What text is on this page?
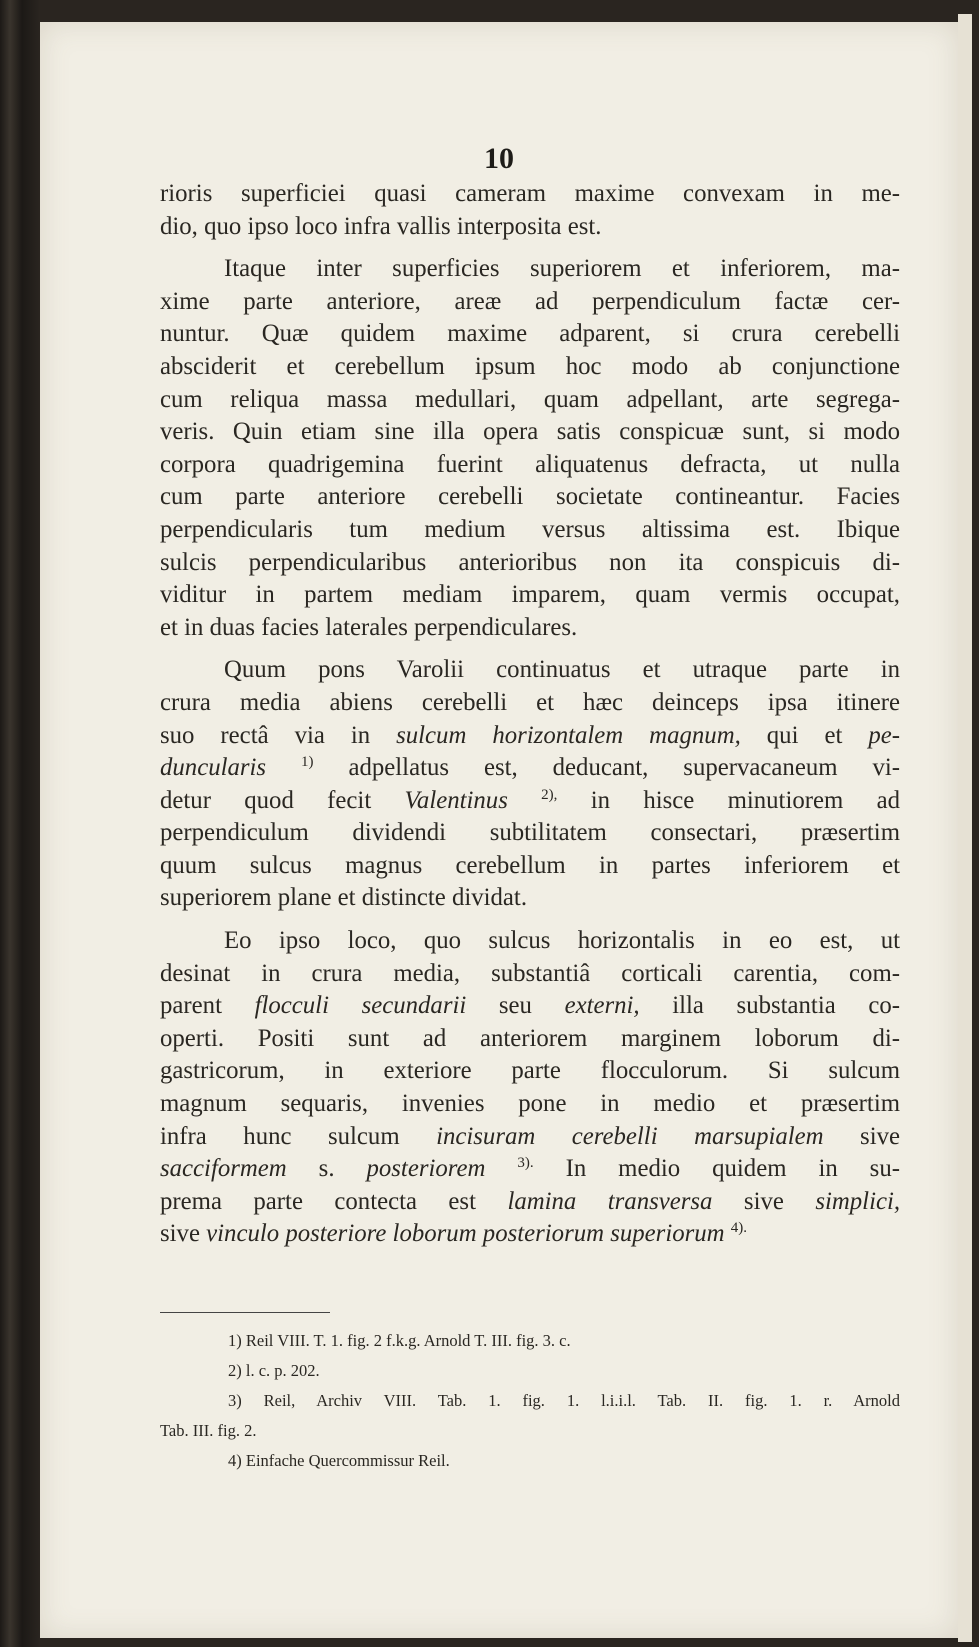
10
rioris superficiei quasi cameram maxime convexam in me-
dio, quo ipso loco infra vallis interposita est.
Itaque inter superficies superiorem et inferiorem, ma-
xime parte anteriore, areæ ad perpendiculum factæ cer-
nuntur. Quæ quidem maxime adparent, si crura cerebelli
absciderit et cerebellum ipsum hoc modo ab conjunctione
cum reliqua massa medullari, quam adpellant, arte segrega-
veris. Quin etiam sine illa opera satis conspicuæ sunt, si modo
corpora quadrigemina fuerint aliquatenus defracta, ut nulla
cum parte anteriore cerebelli societate contineantur. Facies
perpendicularis tum medium versus altissima est. Ibique
sulcis perpendicularibus anterioribus non ita conspicuis di-
viditur in partem mediam imparem, quam vermis occupat,
et in duas facies laterales perpendiculares.
Quum pons Varolii continuatus et utraque parte in
crura media abiens cerebelli et hæc deinceps ipsa itinere
suo rectâ via in sulcum horizontalem magnum, qui et pe-
duncularis $^{1)}$ adpellatus est, deducant, supervacaneum vi-
detur quod fecit Valentinus $^{2),}$ in hisce minutiorem ad
perpendiculum dividendi subtilitatem consectari, præsertim
quum sulcus magnus cerebellum in partes inferiorem et
superiorem plane et distincte dividat.
Eo ipso loco, quo sulcus horizontalis in eo est, ut
desinat in crura media, substantiâ corticali carentia, com-
parent flocculi secundarii seu externi, illa substantia co-
operti. Positi sunt ad anteriorem marginem loborum di-
gastricorum, in exteriore parte flocculorum. Si sulcum
magnum sequaris, invenies pone in medio et præsertim
infra hunc sulcum incisuram cerebelli marsupialem sive
sacciformem s. posteriorem $^{3).}$ In medio quidem in su-
prema parte contecta est lamina transversa sive simplici,
sive vinculo posteriore loborum posteriorum superiorum $^{4).}$
1) Reil VIII. T. 1. fig. 2 f.k.g. Arnold T. III. fig. 3. c.
2) l. c. p. 202.
3) Reil, Archiv VIII. Tab. 1. fig. 1. l.i.i.l. Tab. II. fig. 1. r. Arnold
Tab. III. fig. 2.
4) Einfache Quercommissur Reil.
